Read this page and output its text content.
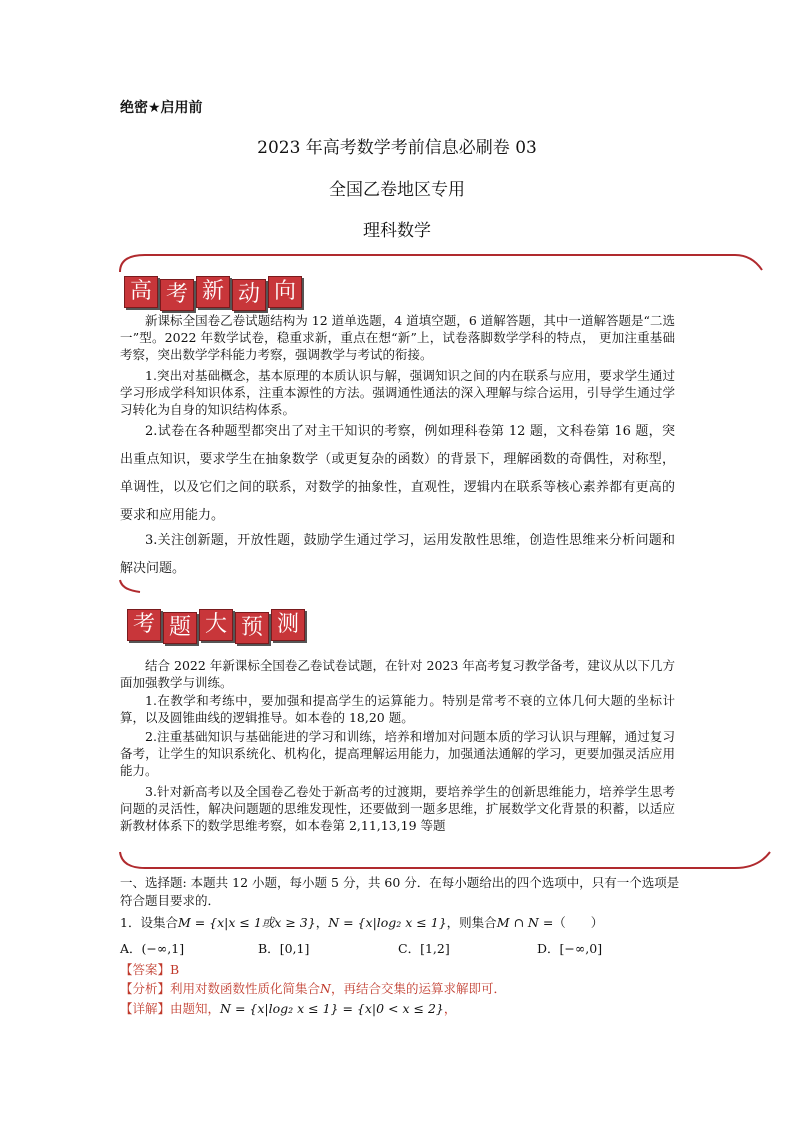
绝密★启用前
2023 年高考数学考前信息必刷卷 03
全国乙卷地区专用
理科数学
高 考 新 动 向
新课标全国卷乙卷试题结构为 12 道单选题，4 道填空题，6 道解答题，其中一道解答题是“二选一”型。2022 年数学试卷，稳重求新，重点在想“新”上，试卷落脚数学学科的特点， 更加注重基础考察，突出数学学科能力考察，强调教学与考试的衔接。
1.突出对基础概念，基本原理的本质认识与解，强调知识之间的内在联系与应用，要求学生通过学习形成学科知识体系，注重本源性的方法。强调通性通法的深入理解与综合运用，引导学生通过学习转化为自身的知识结构体系。
2.试卷在各种题型都突出了对主干知识的考察，例如理科卷第 12 题，文科卷第 16 题，突出重点知识，要求学生在抽象数学（或更复杂的函数）的背景下，理解函数的奇偶性，对称型，单调性，以及它们之间的联系，对数学的抽象性，直观性，逻辑内在联系等核心素养都有更高的要求和应用能力。
3.关注创新题，开放性题，鼓励学生通过学习，运用发散性思维，创造性思维来分析问题和解决问题。
考 题 大 预 测
结合 2022 年新课标全国卷乙卷试卷试题，在针对 2023 年高考复习教学备考，建议从以下几方面加强教学与训练。
1.在教学和考练中，要加强和提高学生的运算能力。特别是常考不衰的立体几何大题的坐标计算，以及圆锥曲线的逻辑推导。如本卷的 18,20 题。
2.注重基础知识与基础能进的学习和训练，培养和增加对问题本质的学习认识与理解，通过复习备考，让学生的知识系统化、机构化，提高理解运用能力，加强通法通解的学习，更要加强灵活应用能力。
3.针对新高考以及全国卷乙卷处于新高考的过渡期，要培养学生的创新思维能力，培养学生思考问题的灵活性，解决问题题的思维发现性，还要做到一题多思维，扩展数学文化背景的积蓄，以适应新教材体系下的数学思维考察，如本卷第 2,11,13,19 等题
一、选择题: 本题共 12 小题，每小题 5 分，共 60 分．在每小题给出的四个选项中，只有一个选项是符合题目要求的．
1．设集合M = {x|x ≤ 1或x ≥ 3}，N = {x|log₂ x ≤ 1}，则集合M ∩ N =（　　）
A．(−∞,1]	B．[0,1]	C．[1,2]	D．[−∞,0]
【答案】B
【分析】利用对数函数性质化简集合N，再结合交集的运算求解即可．
【详解】由题知，N = {x|log₂ x ≤ 1} = {x|0 < x ≤ 2}，
